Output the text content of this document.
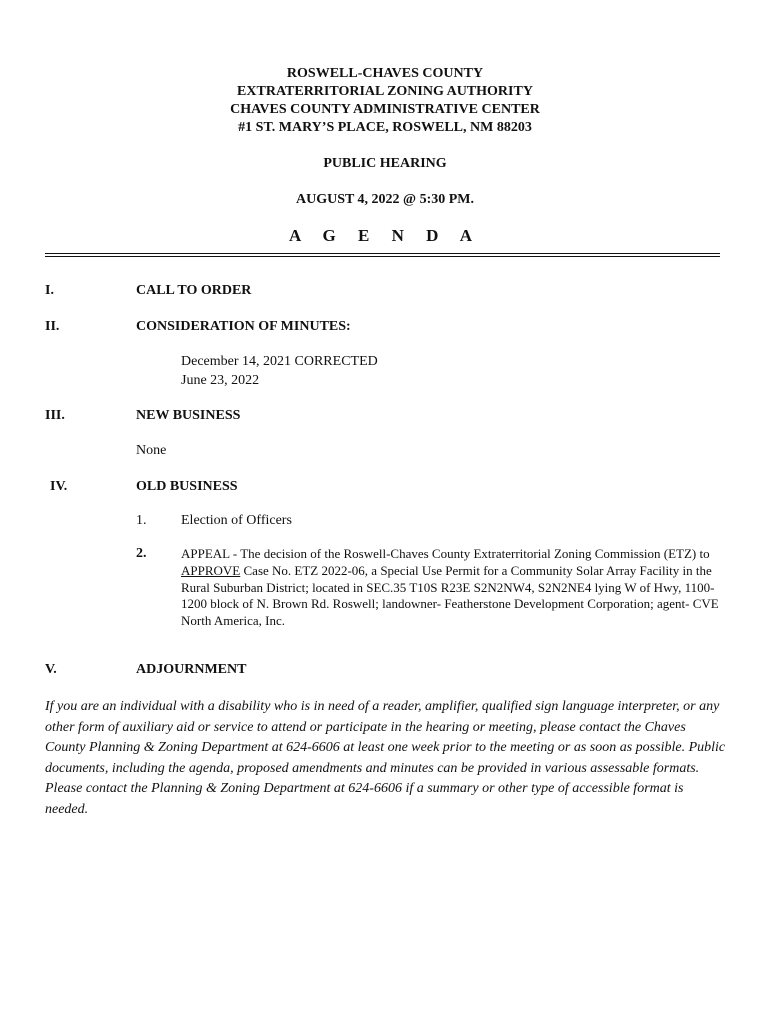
ROSWELL-CHAVES COUNTY
EXTRATERRITORIAL ZONING AUTHORITY
CHAVES COUNTY ADMINISTRATIVE CENTER
#1 ST. MARY’S PLACE, ROSWELL, NM 88203
PUBLIC HEARING
AUGUST 4, 2022 @ 5:30 PM.
A G E N D A
I.	CALL TO ORDER
II.	CONSIDERATION OF MINUTES:
December 14, 2021 CORRECTED
June 23, 2022
III.	NEW BUSINESS
None
IV.	OLD BUSINESS
1. Election of Officers
2.	APPEAL - The decision of the Roswell-Chaves County Extraterritorial Zoning Commission (ETZ) to APPROVE Case No. ETZ 2022-06, a Special Use Permit for a Community Solar Array Facility in the Rural Suburban District; located in SEC.35 T10S R23E S2N2NW4, S2N2NE4 lying W of Hwy, 1100-1200 block of N. Brown Rd. Roswell; landowner- Featherstone Development Corporation; agent- CVE North America, Inc.
V.	ADJOURNMENT
If you are an individual with a disability who is in need of a reader, amplifier, qualified sign language interpreter, or any other form of auxiliary aid or service to attend or participate in the hearing or meeting, please contact the Chaves County Planning & Zoning Department at 624-6606 at least one week prior to the meeting or as soon as possible. Public documents, including the agenda, proposed amendments and minutes can be provided in various assessable formats. Please contact the Planning & Zoning Department at 624-6606 if a summary or other type of accessible format is needed.
